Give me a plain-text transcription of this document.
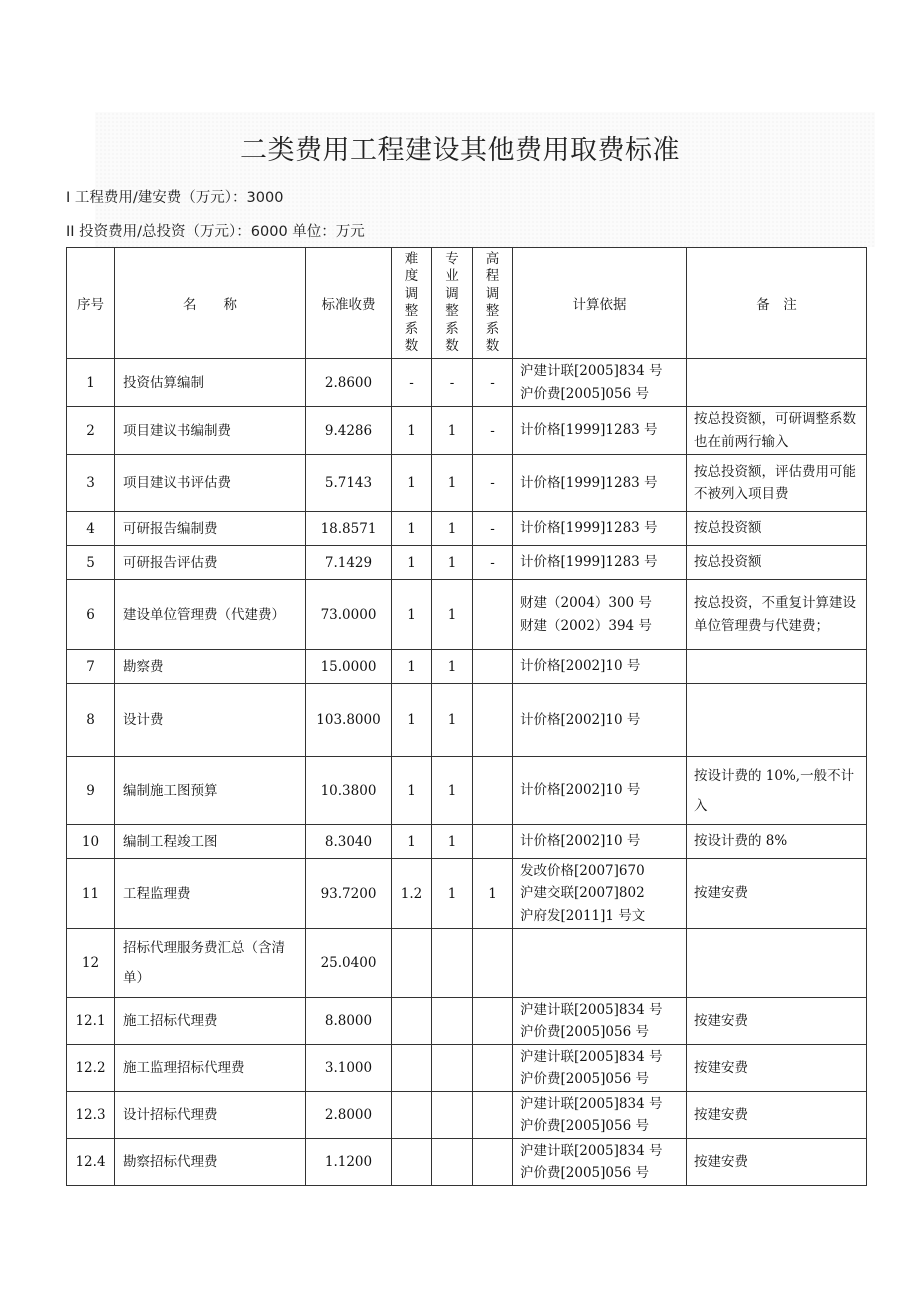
二类费用工程建设其他费用取费标准
I 工程费用/建安费（万元）：3000
II 投资费用/总投资（万元）：6000 单位：万元
序号	名　　称	标准收费	难度调整系数	专业调整系数	高程调整系数	计算依据	备　注
1	投资估算编制	2.8600	-	-	-	沪建计联[2005]834 号
沪价费[2005]056 号	
2	项目建议书编制费	9.4286	1	1	-	计价格[1999]1283 号	按总投资额，可研调整系数也在前两行输入
3	项目建议书评估费	5.7143	1	1	-	计价格[1999]1283 号	按总投资额，评估费用可能不被列入项目费
4	可研报告编制费	18.8571	1	1	-	计价格[1999]1283 号	按总投资额
5	可研报告评估费	7.1429	1	1	-	计价格[1999]1283 号	按总投资额
6	建设单位管理费（代建费）	73.0000	1	1		财建（2004）300 号
财建（2002）394 号	按总投资，不重复计算建设单位管理费与代建费；
7	勘察费	15.0000	1	1		计价格[2002]10 号	
8	设计费	103.8000	1	1		计价格[2002]10 号	
9	编制施工图预算	10.3800	1	1		计价格[2002]10 号	按设计费的 10%,一般不计入
10	编制工程竣工图	8.3040	1	1		计价格[2002]10 号	按设计费的 8%
11	工程监理费	93.7200	1.2	1	1	发改价格[2007]670
沪建交联[2007]802
沪府发[2011]1 号文	按建安费
12	招标代理服务费汇总（含清单）	25.0400					
12.1	施工招标代理费	8.8000				沪建计联[2005]834 号
沪价费[2005]056 号	按建安费
12.2	施工监理招标代理费	3.1000				沪建计联[2005]834 号
沪价费[2005]056 号	按建安费
12.3	设计招标代理费	2.8000				沪建计联[2005]834 号
沪价费[2005]056 号	按建安费
12.4	勘察招标代理费	1.1200				沪建计联[2005]834 号
沪价费[2005]056 号	按建安费
